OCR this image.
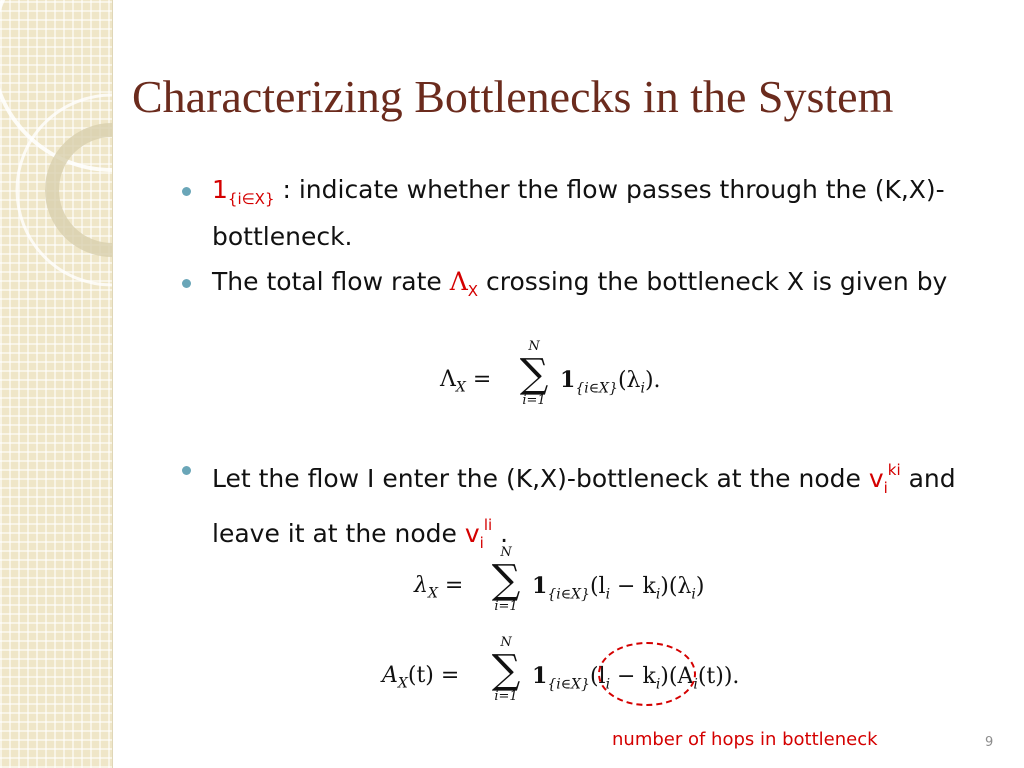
Characterizing Bottlenecks in the System
$1_{\{i\in X\}}$ : indicate whether the flow passes through the (K,X)-bottleneck.
The total flow rate $\Lambda_X$ crossing the bottleneck X is given by
$\Lambda_X$ =
N
∑
i=1
$1_{\{i\in X\}}(\lambda_i)$.
Let the flow I enter the (K,X)-bottleneck at the node $v_i^{ki}$ and leave it at the node $v_i^{li}$ .
$\lambda_X$ =
N
∑
i=1
$1_{\{i\in X\}}(l_i - k_i)(\lambda_i)$
$A_X(t)$ =
N
∑
i=1
$1_{\{i\in X\}}(l_i - k_i)(A_i(t))$.
number of hops in bottleneck	9
